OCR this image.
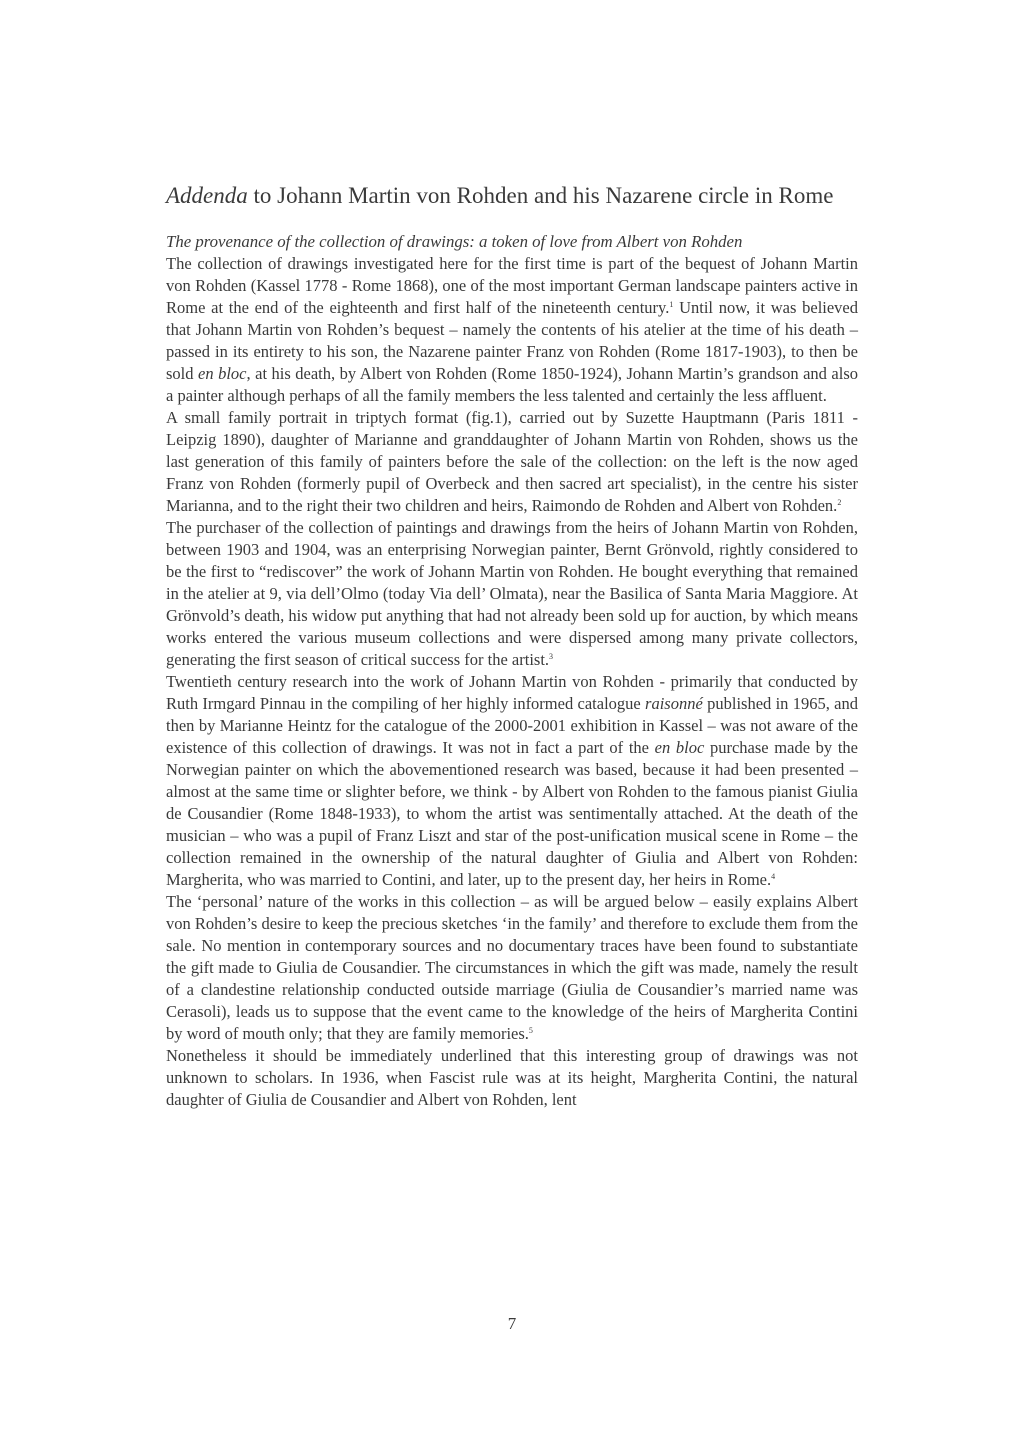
Addenda to Johann Martin von Rohden and his Nazarene circle in Rome

The provenance of the collection of drawings: a token of love from Albert von Rohden

The collection of drawings investigated here for the first time is part of the bequest of Johann Martin von Rohden (Kassel 1778 - Rome 1868), one of the most important German landscape painters active in Rome at the end of the eighteenth and first half of the nineteenth century.$^1$ Until now, it was believed that Johann Martin von Rohden’s bequest – namely the contents of his atelier at the time of his death – passed in its entirety to his son, the Nazarene painter Franz von Rohden (Rome 1817-1903), to then be sold en bloc, at his death, by Albert von Rohden (Rome 1850-1924), Johann Martin’s grandson and also a painter although perhaps of all the family members the less talented and certainly the less affluent.

A small family portrait in triptych format (fig.1), carried out by Suzette Hauptmann (Paris 1811 - Leipzig 1890), daughter of Marianne and granddaughter of Johann Martin von Rohden, shows us the last generation of this family of painters before the sale of the collection: on the left is the now aged Franz von Rohden (formerly pupil of Overbeck and then sacred art specialist), in the centre his sister Marianna, and to the right their two children and heirs, Raimondo de Rohden and Albert von Rohden.$^2$

The purchaser of the collection of paintings and drawings from the heirs of Johann Martin von Rohden, between 1903 and 1904, was an enterprising Norwegian painter, Bernt Grönvold, rightly considered to be the first to “rediscover” the work of Johann Martin von Rohden. He bought everything that remained in the atelier at 9, via dell’Olmo (today Via dell’ Olmata), near the Basilica of Santa Maria Maggiore. At Grönvold’s death, his widow put anything that had not already been sold up for auction, by which means works entered the various museum collections and were dispersed among many private collectors, generating the first season of critical success for the artist.$^3$

Twentieth century research into the work of Johann Martin von Rohden - primarily that conducted by Ruth Irmgard Pinnau in the compiling of her highly informed catalogue raisonné published in 1965, and then by Marianne Heintz for the catalogue of the 2000-2001 exhibition in Kassel – was not aware of the existence of this collection of drawings. It was not in fact a part of the en bloc purchase made by the Norwegian painter on which the abovementioned research was based, because it had been presented – almost at the same time or slighter before, we think - by Albert von Rohden to the famous pianist Giulia de Cousandier (Rome 1848-1933), to whom the artist was sentimentally attached. At the death of the musician – who was a pupil of Franz Liszt and star of the post-unification musical scene in Rome – the collection remained in the ownership of the natural daughter of Giulia and Albert von Rohden: Margherita, who was married to Contini, and later, up to the present day, her heirs in Rome.$^4$

The ‘personal’ nature of the works in this collection – as will be argued below – easily explains Albert von Rohden’s desire to keep the precious sketches ‘in the family’ and therefore to exclude them from the sale. No mention in contemporary sources and no documentary traces have been found to substantiate the gift made to Giulia de Cousandier. The circumstances in which the gift was made, namely the result of a clandestine relationship conducted outside marriage (Giulia de Cousandier’s married name was Cerasoli), leads us to suppose that the event came to the knowledge of the heirs of Margherita Contini by word of mouth only; that they are family memories.$^5$

Nonetheless it should be immediately underlined that this interesting group of drawings was not unknown to scholars. In 1936, when Fascist rule was at its height, Margherita Contini, the natural daughter of Giulia de Cousandier and Albert von Rohden, lent

7
